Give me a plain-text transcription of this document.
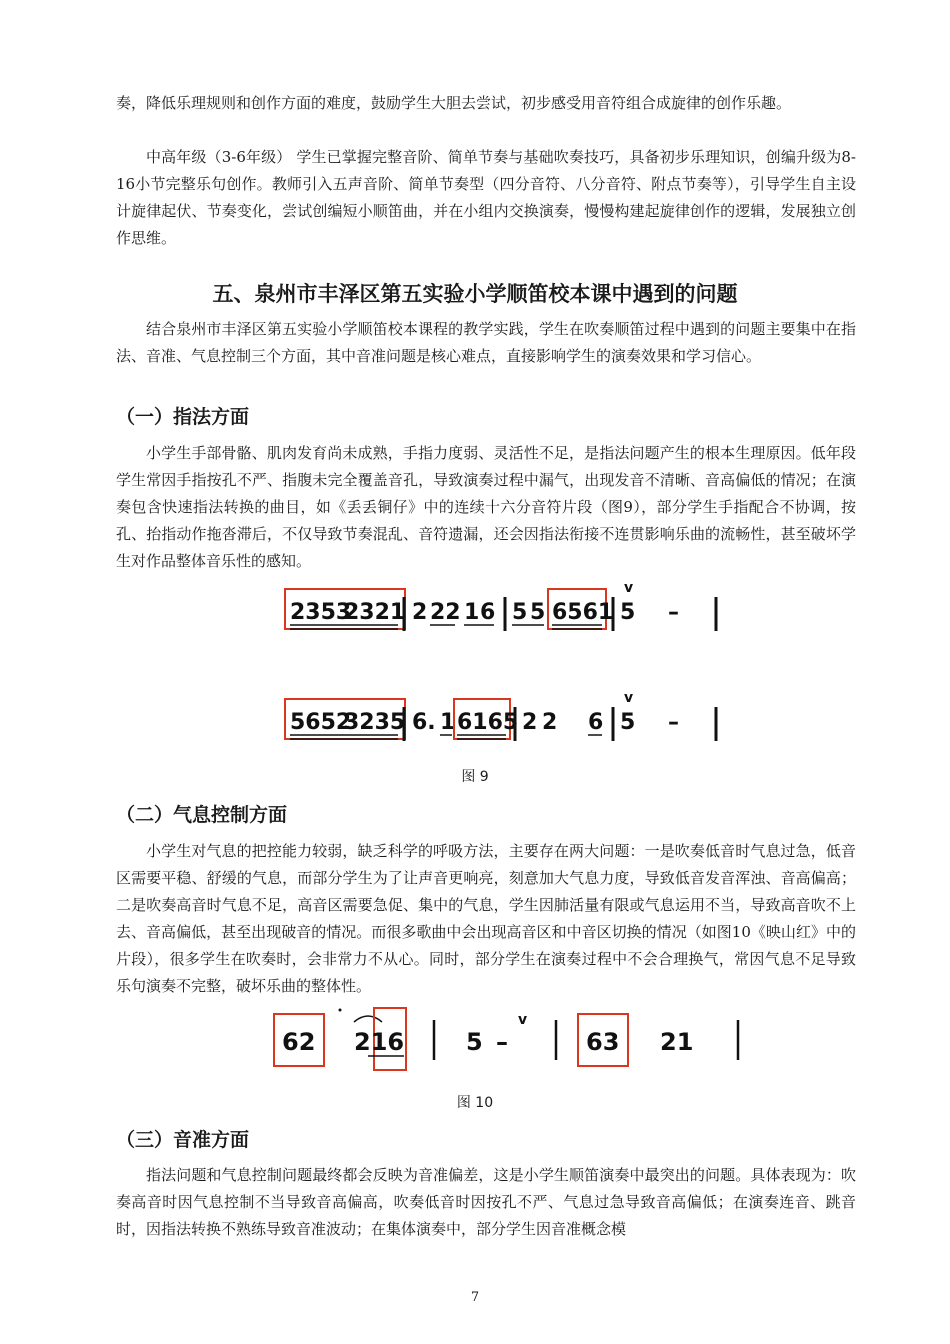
奏，降低乐理规则和创作方面的难度，鼓励学生大胆去尝试，初步感受用音符组合成旋律的创作乐趣。

中高年级（3-6年级） 学生已掌握完整音阶、简单节奏与基础吹奏技巧，具备初步乐理知识，创编升级为8-16小节完整乐句创作。教师引入五声音阶、简单节奏型（四分音符、八分音符、附点节奏等），引导学生自主设计旋律起伏、节奏变化，尝试创编短小顺笛曲，并在小组内交换演奏，慢慢构建起旋律创作的逻辑，发展独立创作思维。

五、泉州市丰泽区第五实验小学顺笛校本课中遇到的问题

结合泉州市丰泽区第五实验小学顺笛校本课程的教学实践，学生在吹奏顺笛过程中遇到的问题主要集中在指法、音准、气息控制三个方面，其中音准问题是核心难点，直接影响学生的演奏效果和学习信心。

（一）指法方面

小学生手部骨骼、肌肉发育尚未成熟，手指力度弱、灵活性不足，是指法问题产生的根本生理原因。低年段学生常因手指按孔不严、指腹未完全覆盖音孔，导致演奏过程中漏气，出现发音不清晰、音高偏低的情况；在演奏包含快速指法转换的曲目，如《丢丢铜仔》中的连续十六分音符片段（图9），部分学生手指配合不协调，按孔、抬指动作拖沓滞后，不仅导致节奏混乱、音符遗漏，还会因指法衔接不连贯影响乐曲的流畅性，甚至破坏学生对作品整体音乐性的感知。

2353
2321 2 22 1 6 5 5 6561
v
5 –
5652
3235 6. 1 6165 2 2 6
v
5 –

图 9

（二）气息控制方面

小学生对气息的把控能力较弱，缺乏科学的呼吸方法，主要存在两大问题：一是吹奏低音时气息过急，低音区需要平稳、舒缓的气息，而部分学生为了让声音更响亮，刻意加大气息力度，导致低音发音浑浊、音高偏高；二是吹奏高音时气息不足，高音区需要急促、集中的气息，学生因肺活量有限或气息运用不当，导致高音吹不上去、音高偏低，甚至出现破音的情况。而很多歌曲中会出现高音区和中音区切换的情况（如图10《映山红》中的片段），很多学生在吹奏时，会非常力不从心。同时，部分学生在演奏过程中不会合理换气，常因气息不足导致乐句演奏不完整，破坏乐曲的整体性。

62 216	5 –
v
63 21

图 10

（三）音准方面

指法问题和气息控制问题最终都会反映为音准偏差，这是小学生顺笛演奏中最突出的问题。具体表现为：吹奏高音时因气息控制不当导致音高偏高，吹奏低音时因按孔不严、气息过急导致音高偏低；在演奏连音、跳音时，因指法转换不熟练导致音准波动；在集体演奏中，部分学生因音准概念模

7
